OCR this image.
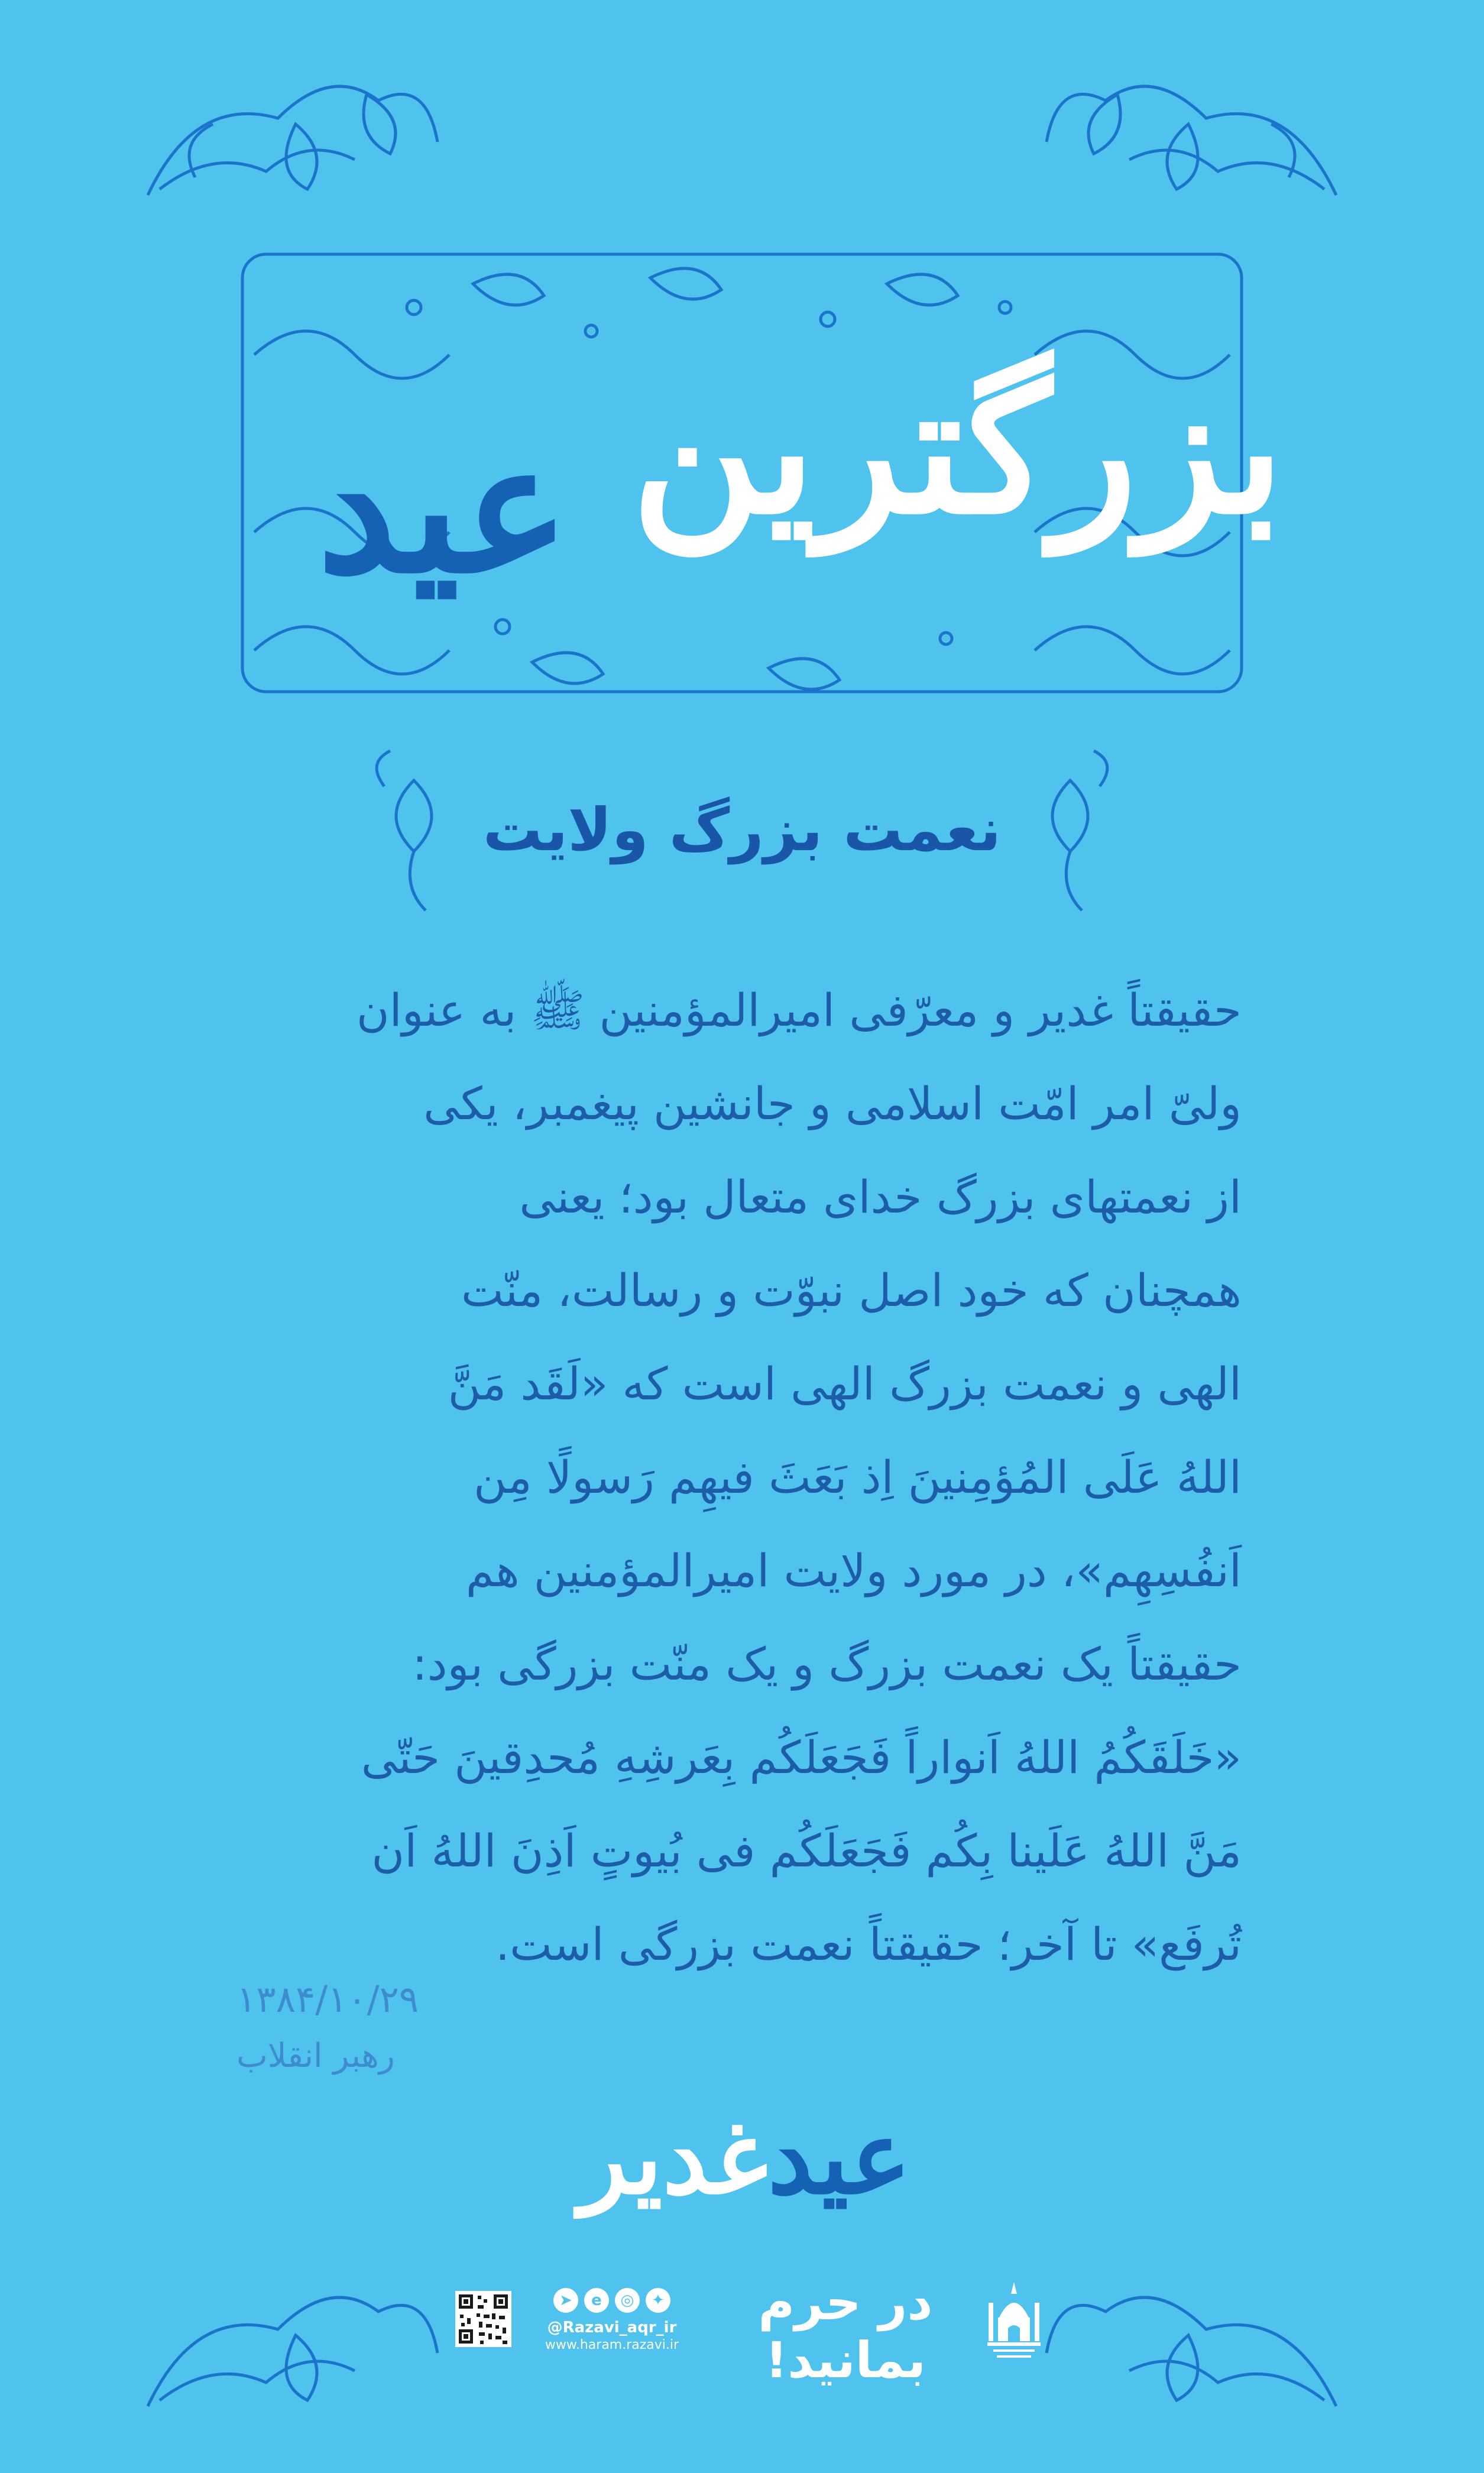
بزرگترین
عید
نعمت بزرگ ولایت

حقیقتاً غدیر و معرّفی امیرالمؤمنین ﷺ به عنوان

ولیّ امر امّت اسلامی و جانشین پیغمبر، یکی

از نعمتهای بزرگ خدای متعال بود؛ یعنی

همچنان که خود اصل نبوّت و رسالت، منّت

الهی و نعمت بزرگ الهی است که «لَقَد مَنَّ

اللهُ عَلَی المُؤمِنینَ اِذ بَعَثَ فیهِم رَسولًا مِن

اَنفُسِهِم»، در مورد ولایت امیرالمؤمنین هم

حقیقتاً یک نعمت بزرگ و یک منّت بزرگی بود:

«خَلَقَکُمُ اللهُ اَنواراً فَجَعَلَکُم بِعَرشِهِ مُحدِقینَ حَتّی

مَنَّ اللهُ عَلَینا بِکُم فَجَعَلَکُم فی بُیوتٍ اَذِنَ اللهُ اَن

تُرفَع» تا آخر؛ حقیقتاً نعمت بزرگی است.

۱۳۸۴/۱۰/۲۹
رهبر انقلاب
عیدغدیر
در حرم بمانید!
➤	e	◎	✦
@Razavi_aqr_ir
www.haram.razavi.ir
